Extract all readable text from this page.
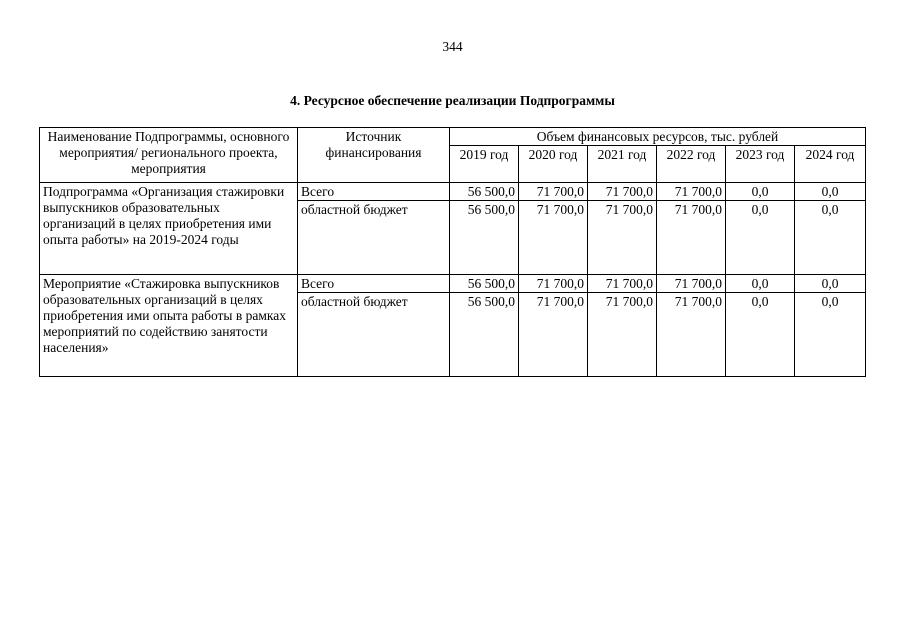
344
4. Ресурсное обеспечение реализации Подпрограммы
Наименование Подпрограммы, основного мероприятия/ регионального проекта, мероприятия	Источник финансирования	Объем финансовых ресурсов, тыс. рублей					
		2019 год	2020 год	2021 год	2022 год	2023 год	2024 год
Подпрограмма «Организация стажировки выпускников образовательных организаций в целях приобретения ими опыта работы» на 2019-2024 годы	Всего	56 500,0	71 700,0	71 700,0	71 700,0	0,0	0,0
	областной бюджет	56 500,0	71 700,0	71 700,0	71 700,0	0,0	0,0
Мероприятие «Стажировка выпускников образовательных организаций в целях приобретения ими опыта работы в рамках мероприятий по содействию занятости населения»	Всего	56 500,0	71 700,0	71 700,0	71 700,0	0,0	0,0
	областной бюджет	56 500,0	71 700,0	71 700,0	71 700,0	0,0	0,0
